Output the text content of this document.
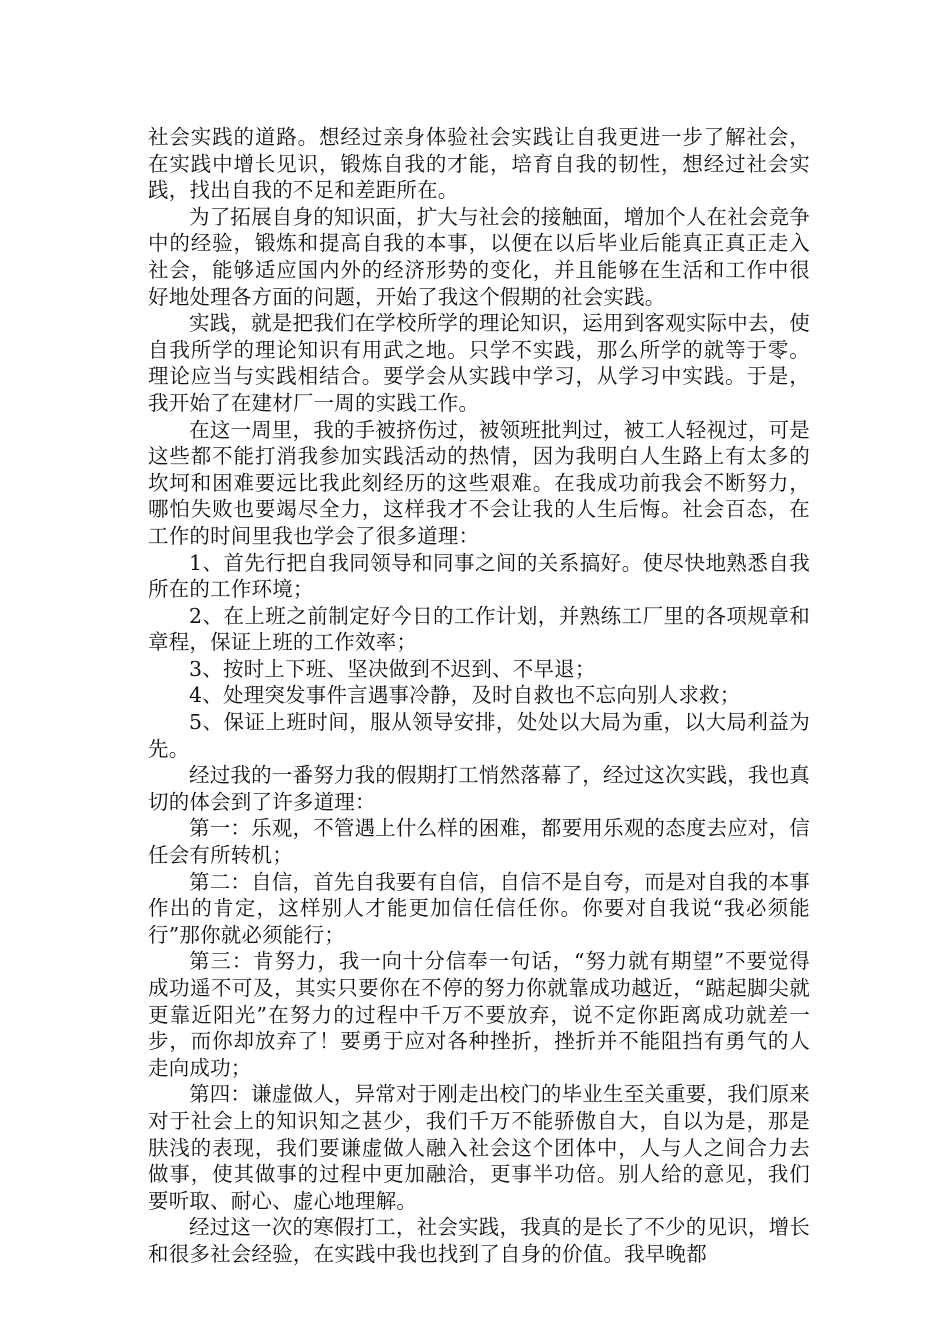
社会实践的道路。想经过亲身体验社会实践让自我更进一步了解社会，在实践中增长见识，锻炼自我的才能，培育自我的韧性，想经过社会实践，找出自我的不足和差距所在。

为了拓展自身的知识面，扩大与社会的接触面，增加个人在社会竞争中的经验，锻炼和提高自我的本事，以便在以后毕业后能真正真正走入社会，能够适应国内外的经济形势的变化，并且能够在生活和工作中很好地处理各方面的问题，开始了我这个假期的社会实践。

实践，就是把我们在学校所学的理论知识，运用到客观实际中去，使自我所学的理论知识有用武之地。只学不实践，那么所学的就等于零。理论应当与实践相结合。要学会从实践中学习，从学习中实践。于是，我开始了在建材厂一周的实践工作。

在这一周里，我的手被挤伤过，被领班批判过，被工人轻视过，可是这些都不能打消我参加实践活动的热情，因为我明白人生路上有太多的坎坷和困难要远比我此刻经历的这些艰难。在我成功前我会不断努力，哪怕失败也要竭尽全力，这样我才不会让我的人生后悔。社会百态，在工作的时间里我也学会了很多道理：

1、首先行把自我同领导和同事之间的关系搞好。使尽快地熟悉自我所在的工作环境；

2、在上班之前制定好今日的工作计划，并熟练工厂里的各项规章和章程，保证上班的工作效率；

3、按时上下班、坚决做到不迟到、不早退；

4、处理突发事件言遇事冷静，及时自救也不忘向别人求救；

5、保证上班时间，服从领导安排，处处以大局为重，以大局利益为先。

经过我的一番努力我的假期打工悄然落幕了，经过这次实践，我也真切的体会到了许多道理：

第一：乐观，不管遇上什么样的困难，都要用乐观的态度去应对，信任会有所转机；

第二：自信，首先自我要有自信，自信不是自夸，而是对自我的本事作出的肯定，这样别人才能更加信任信任你。你要对自我说“我必须能行”那你就必须能行；

第三：肯努力，我一向十分信奉一句话，“努力就有期望”不要觉得成功遥不可及，其实只要你在不停的努力你就靠成功越近，“踮起脚尖就更靠近阳光”在努力的过程中千万不要放弃，说不定你距离成功就差一步，而你却放弃了！要勇于应对各种挫折，挫折并不能阻挡有勇气的人走向成功；

第四：谦虚做人，异常对于刚走出校门的毕业生至关重要，我们原来对于社会上的知识知之甚少，我们千万不能骄傲自大，自以为是，那是肤浅的表现，我们要谦虚做人融入社会这个团体中，人与人之间合力去做事，使其做事的过程中更加融洽，更事半功倍。别人给的意见，我们要听取、耐心、虚心地理解。

经过这一次的寒假打工，社会实践，我真的是长了不少的见识，增长和很多社会经验，在实践中我也找到了自身的价值。我早晚都
